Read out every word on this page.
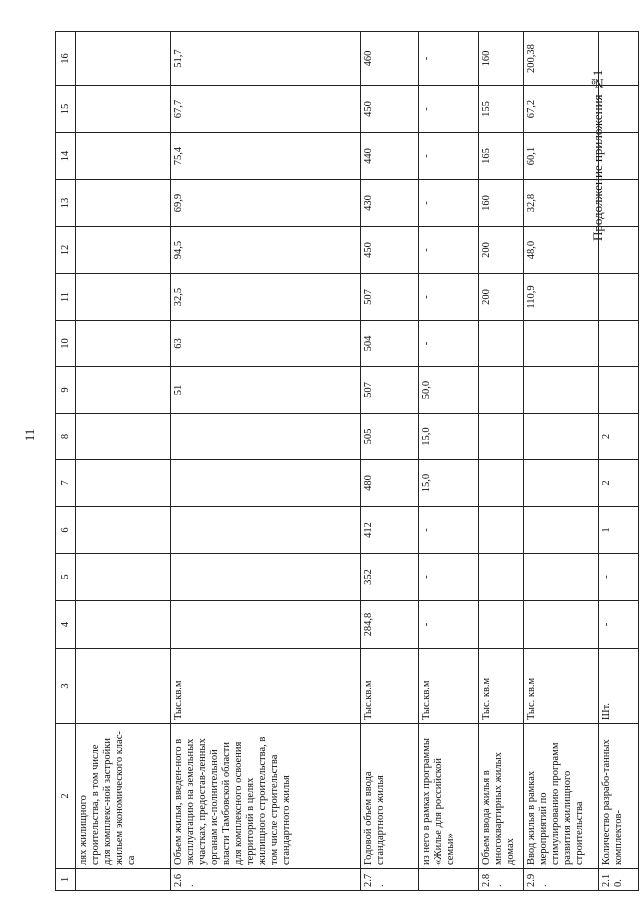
11
Продолжение приложения №1
1	2	3	4	5	6	7	8	9	10	11	12	13	14	15	16
	лях жилищного строительства, в том числе для комплекс-ной застройки жильем экономического клас-са														
2.6.	Объем жилья, введен-ного в эксплуатацию на земельных участках, предостав-ленных органам ис-полнительной власти Тамбовской области для комплексного освоения территорий в целях жилищного строительства, в том числе строительства стандартного жилья	Тыс.кв.м						51	63	32,5	94,5	69,9	75,4	67,7	51,7
2.7.	Годовой объем ввода стандартного жилья	Тыс.кв.м	284,8	352	412	480	505	507	504	507	450	430	440	450	460
	из него в рамках программы «Жилье для российской семьи»	Тыс.кв.м	-	-	-	15,0	15,0	50,0	-	-	-	-	-	-	-
2.8.	Объем ввода жилья в многоквартирных жилых домах	Тыс. кв.м								200	200	160	165	155	160
2.9.	Ввод жилья в рамках мероприятий по стимулированию программ развития жилищного строительства	Тыс. кв.м								110,9	48,0	32,8	60,1	67,2	200,38
2.10.	Количество разрабо-танных комплектов-	Шт.	-	-	1	2	2								
